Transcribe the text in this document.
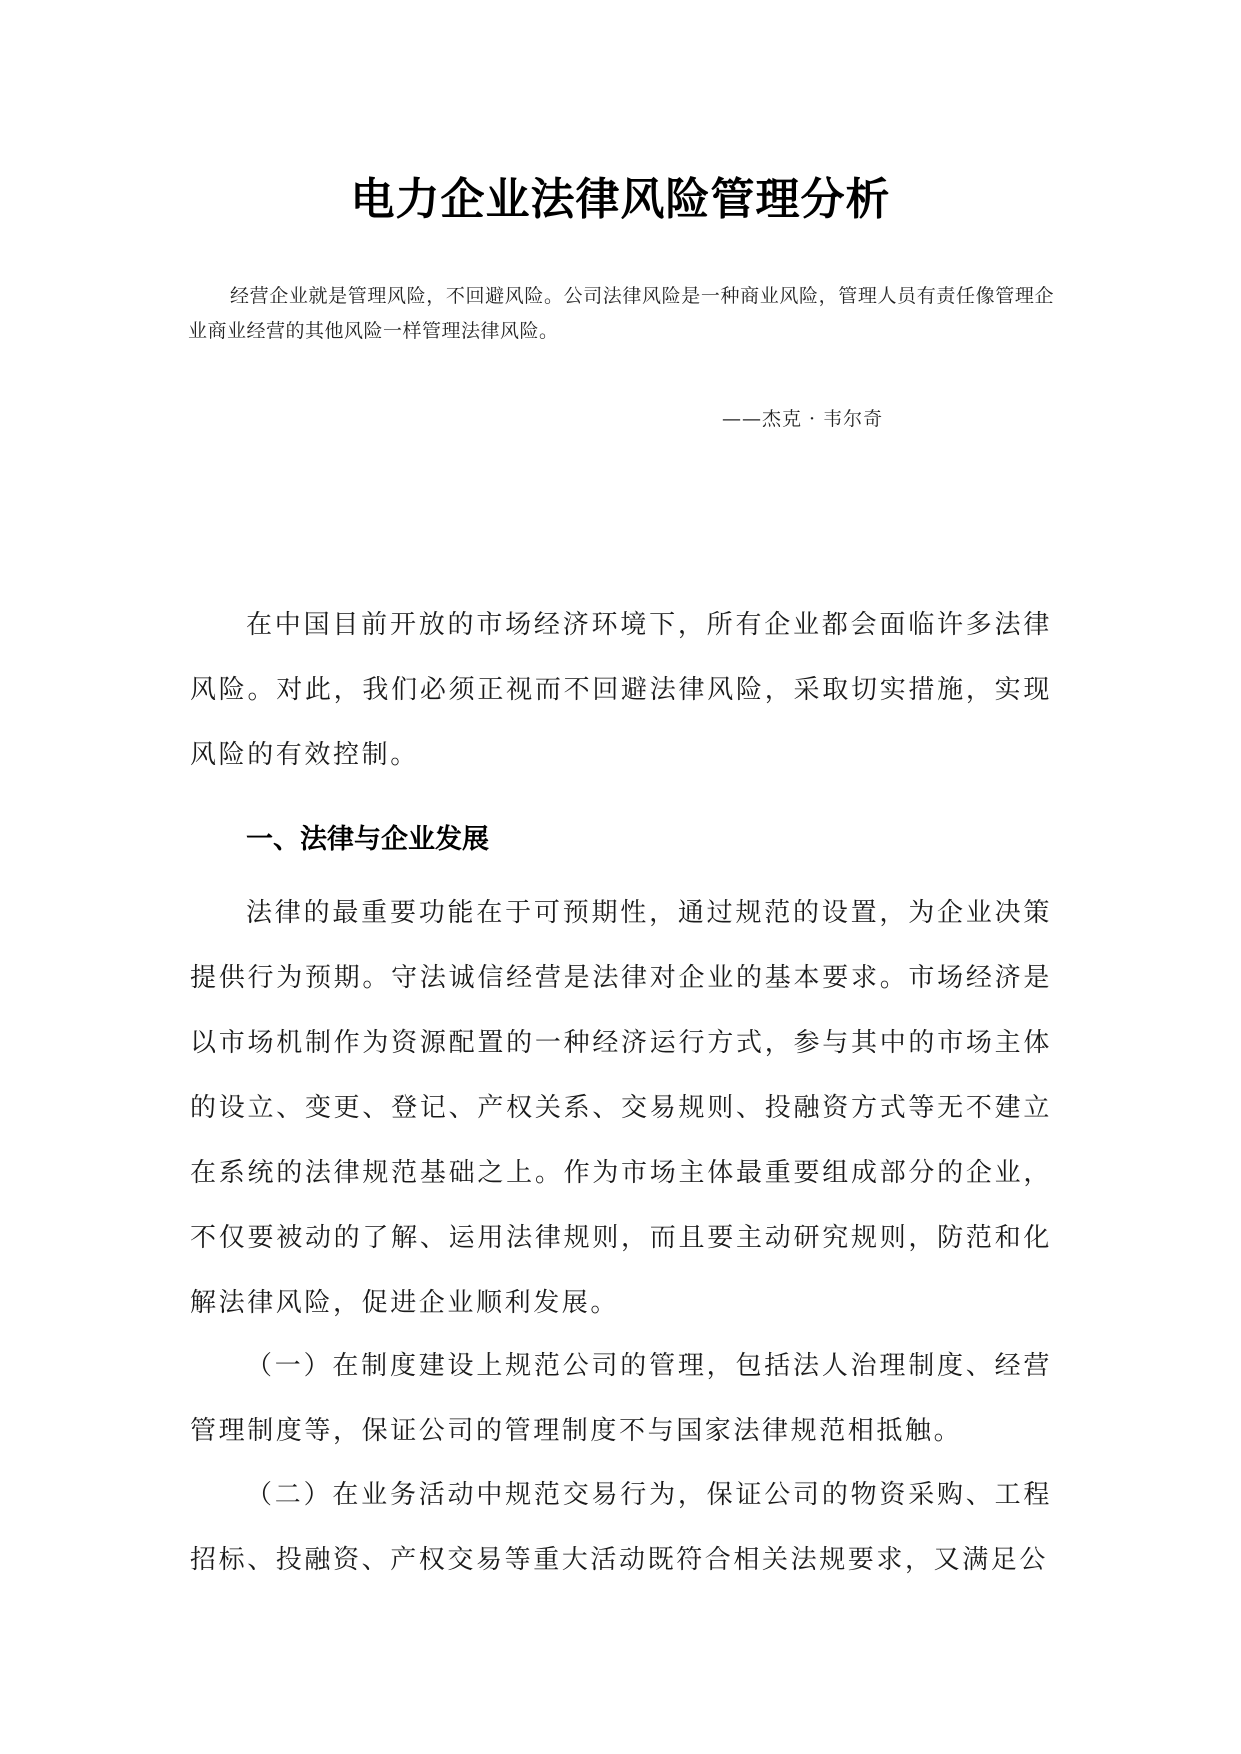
电力企业法律风险管理分析

经营企业就是管理风险，不回避风险。公司法律风险是一种商业风险，管理人员有责任像管理企业商业经营的其他风险一样管理法律风险。

——杰克 · 韦尔奇

在中国目前开放的市场经济环境下，所有企业都会面临许多法律风险。对此，我们必须正视而不回避法律风险，采取切实措施，实现风险的有效控制。

一、法律与企业发展

法律的最重要功能在于可预期性，通过规范的设置，为企业决策提供行为预期。守法诚信经营是法律对企业的基本要求。市场经济是以市场机制作为资源配置的一种经济运行方式，参与其中的市场主体的设立、变更、登记、产权关系、交易规则、投融资方式等无不建立在系统的法律规范基础之上。作为市场主体最重要组成部分的企业，不仅要被动的了解、运用法律规则，而且要主动研究规则，防范和化解法律风险，促进企业顺利发展。

（一）在制度建设上规范公司的管理，包括法人治理制度、经营管理制度等，保证公司的管理制度不与国家法律规范相抵触。

（二）在业务活动中规范交易行为，保证公司的物资采购、工程招标、投融资、产权交易等重大活动既符合相关法规要求，又满足公
